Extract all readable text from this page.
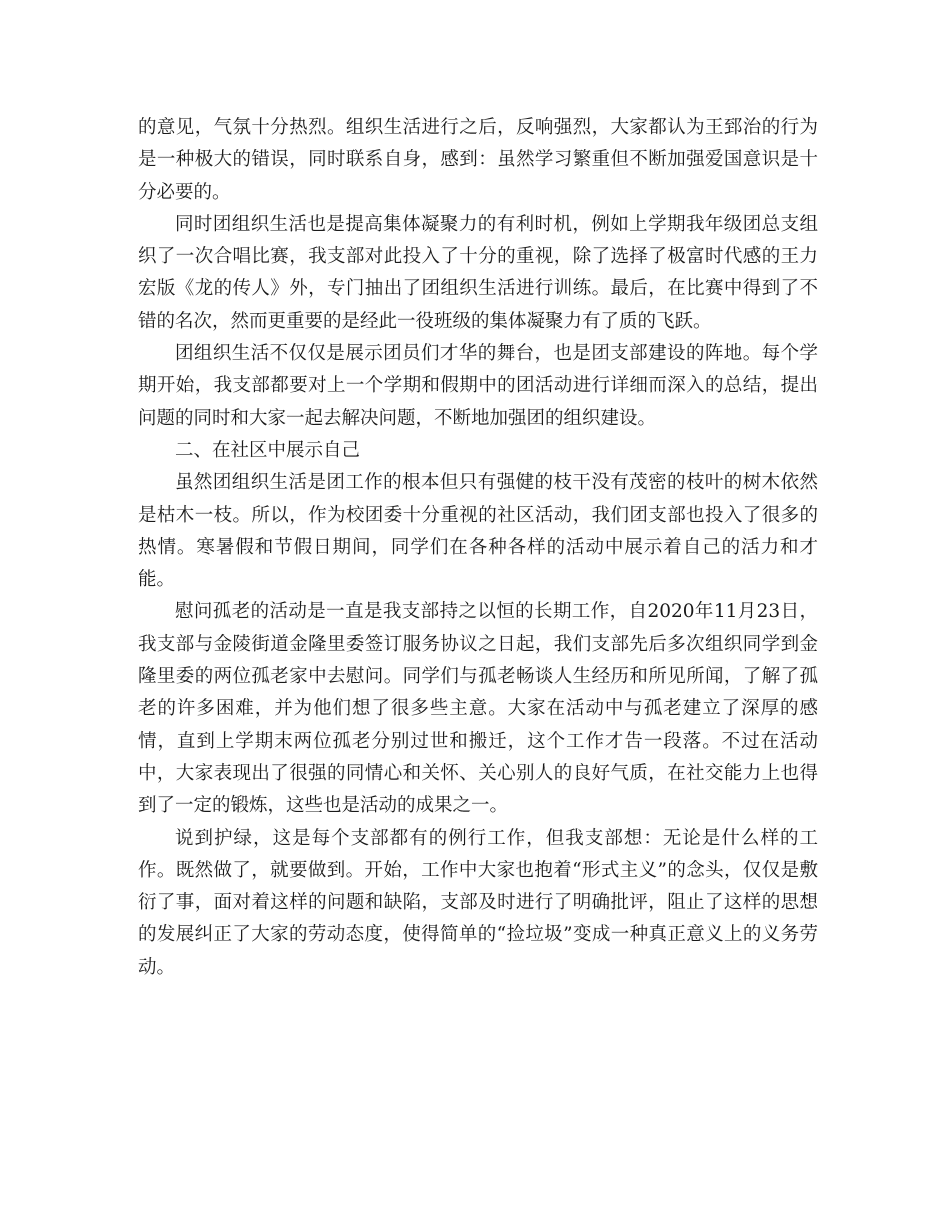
的意见，气氛十分热烈。组织生活进行之后，反响强烈，大家都认为王郅治的行为是一种极大的错误，同时联系自身，感到：虽然学习繁重但不断加强爱国意识是十分必要的。

同时团组织生活也是提高集体凝聚力的有利时机，例如上学期我年级团总支组织了一次合唱比赛，我支部对此投入了十分的重视，除了选择了极富时代感的王力宏版《龙的传人》外，专门抽出了团组织生活进行训练。最后，在比赛中得到了不错的名次，然而更重要的是经此一役班级的集体凝聚力有了质的飞跃。

团组织生活不仅仅是展示团员们才华的舞台，也是团支部建设的阵地。每个学期开始，我支部都要对上一个学期和假期中的团活动进行详细而深入的总结，提出问题的同时和大家一起去解决问题，不断地加强团的组织建设。

二、在社区中展示自己

虽然团组织生活是团工作的根本但只有强健的枝干没有茂密的枝叶的树木依然是枯木一枝。所以，作为校团委十分重视的社区活动，我们团支部也投入了很多的热情。寒暑假和节假日期间，同学们在各种各样的活动中展示着自己的活力和才能。

慰问孤老的活动是一直是我支部持之以恒的长期工作，自2020年11月23日，我支部与金陵街道金隆里委签订服务协议之日起，我们支部先后多次组织同学到金隆里委的两位孤老家中去慰问。同学们与孤老畅谈人生经历和所见所闻，了解了孤老的许多困难，并为他们想了很多些主意。大家在活动中与孤老建立了深厚的感情，直到上学期末两位孤老分别过世和搬迁，这个工作才告一段落。不过在活动中，大家表现出了很强的同情心和关怀、关心别人的良好气质，在社交能力上也得到了一定的锻炼，这些也是活动的成果之一。

说到护绿，这是每个支部都有的例行工作，但我支部想：无论是什么样的工作。既然做了，就要做到。开始，工作中大家也抱着“形式主义”的念头，仅仅是敷衍了事，面对着这样的问题和缺陷，支部及时进行了明确批评，阻止了这样的思想的发展纠正了大家的劳动态度，使得简单的“捡垃圾”变成一种真正意义上的义务劳动。
